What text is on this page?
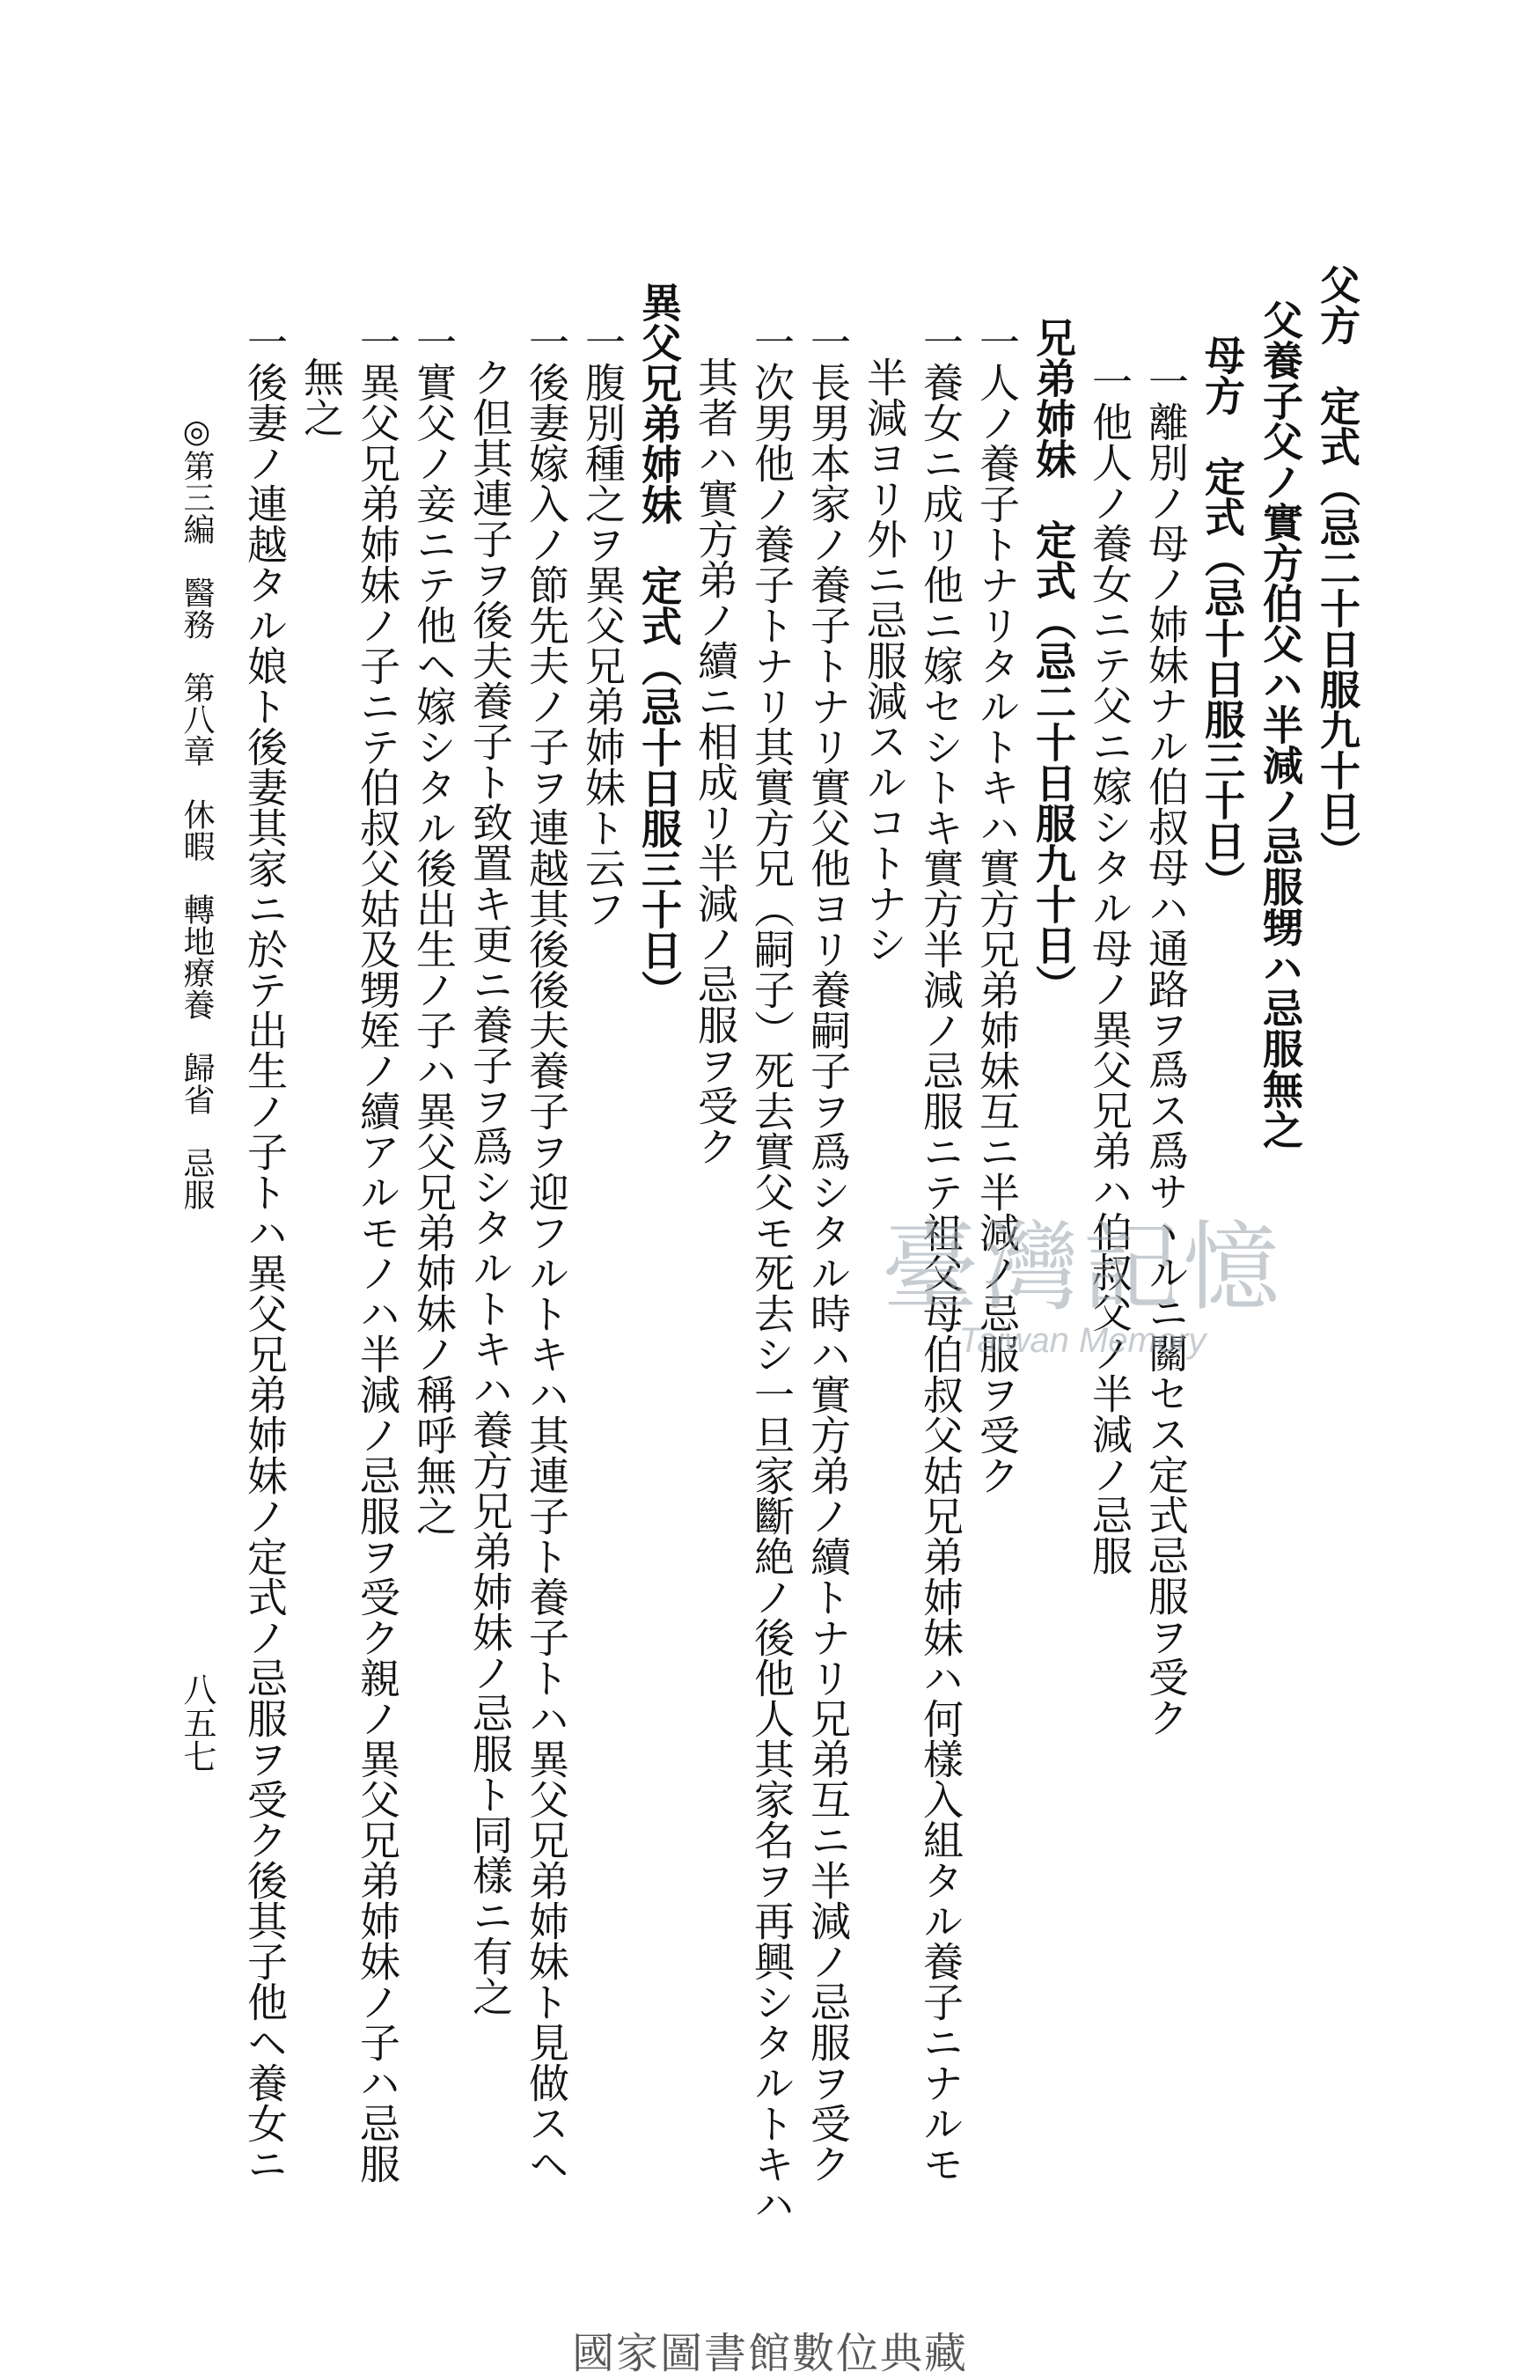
父方　定式（忌二十日服九十日）
父養子父ノ實方伯父ハ半減ノ忌服甥ハ忌服無之
母方　定式（忌十日服三十日）
一離別ノ母ノ姉妹ナル伯叔母ハ通路ヲ爲ス爲サヽルニ關セス定式忌服ヲ受ク
一他人ノ養女ニテ父ニ嫁シタル母ノ異父兄弟ハ伯叔父ノ半減ノ忌服
兄弟姉妹　定式（忌二十日服九十日）
一人ノ養子トナリタルトキハ實方兄弟姉妹互ニ半減ノ忌服ヲ受ク
一養女ニ成リ他ニ嫁セシトキ實方半減ノ忌服ニテ祖父母伯叔父姑兄弟姉妹ハ何樣入組タル養子ニナルモ
半減ヨリ外ニ忌服減スルコトナシ
一長男本家ノ養子トナリ實父他ヨリ養嗣子ヲ爲シタル時ハ實方弟ノ續トナリ兄弟互ニ半減ノ忌服ヲ受ク
一次男他ノ養子トナリ其實方兄（嗣子）死去實父モ死去シ一旦家斷絶ノ後他人其家名ヲ再興シタルトキハ
其者ハ實方弟ノ續ニ相成リ半減ノ忌服ヲ受ク
異父兄弟姉妹　定式（忌十日服三十日）
一腹別種之ヲ異父兄弟姉妹ト云フ
一後妻嫁入ノ節先夫ノ子ヲ連越其後後夫養子ヲ迎フルトキハ其連子ト養子トハ異父兄弟姉妹ト見做スヘ
ク但其連子ヲ後夫養子ト致置キ更ニ養子ヲ爲シタルトキハ養方兄弟姉妹ノ忌服ト同樣ニ有之
一實父ノ妾ニテ他ヘ嫁シタル後出生ノ子ハ異父兄弟姉妹ノ稱呼無之
一異父兄弟姉妹ノ子ニテ伯叔父姑及甥姪ノ續アルモノハ半減ノ忌服ヲ受ク親ノ異父兄弟姉妹ノ子ハ忌服
無之
一後妻ノ連越タル娘ト後妻其家ニ於テ出生ノ子トハ異父兄弟姉妹ノ定式ノ忌服ヲ受ク後其子他ヘ養女ニ
◎第三編　醫務　第八章　休暇　轉地療養　歸省　忌服
八五七
臺灣記憶
Taiwan Memory
國家圖書館數位典藏
